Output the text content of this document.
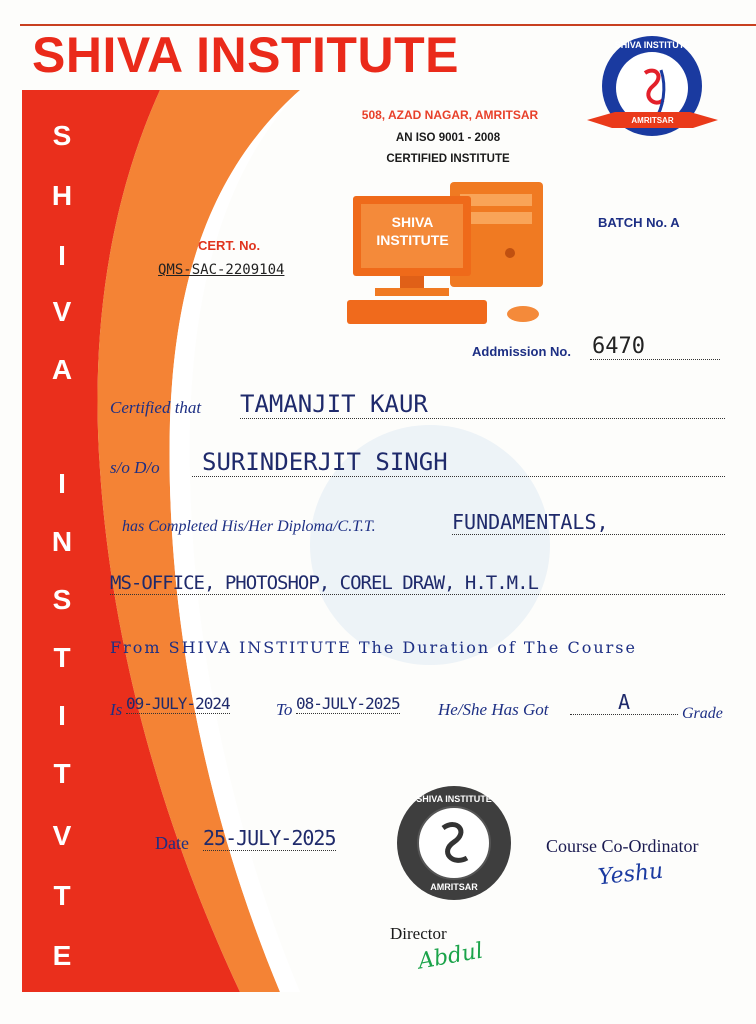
SHIVA INSTITUTE
S
H
I
V
A
I
N
S
T
I
T
V
T
E
508, AZAD NAGAR, AMRITSAR
AN ISO 9001 - 2008
CERTIFIED INSTITUTE
SHIVA INSTITUTE
AMRITSAR
SHIVA INSTITUTE
CERT. No.
QMS-SAC-2209104
BATCH No. A
Addmission No. 6470
Certified that TAMANJIT KAUR
s/o D/o	SURINDERJIT SINGH
has Completed His/Her Diploma/C.T.T.	FUNDAMENTALS,
MS-OFFICE, PHOTOSHOP, COREL DRAW, H.T.M.L
From SHIVA INSTITUTE The Duration of The Course
Is 09-JULY-2024	To 08-JULY-2025 He/She Has Got	A	Grade
Date 25-JULY-2025
SHIVA INSTITUTE
AMRITSAR
Course Co-Ordinator
Yeshu
Director
Abdul
